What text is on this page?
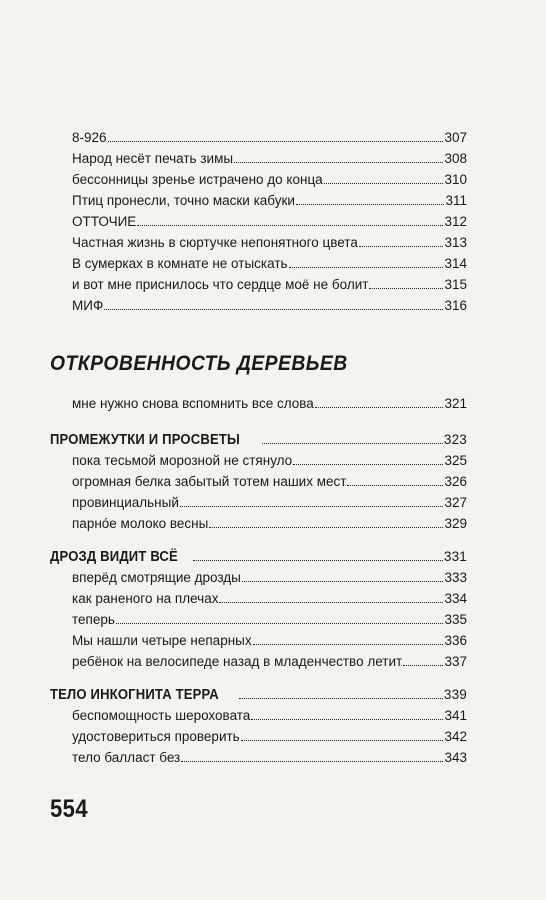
8-926	307
Народ несёт печать зимы	308
бессонницы зренье истрачено до конца	310
Птиц пронесли, точно маски кабуки	311
ОТТОЧИЕ	312
Частная жизнь в сюртучке непонятного цвета	313
В сумерках в комнате не отыскать	314
и вот мне приснилось что сердце моё не болит	315
МИФ	316
ОТКРОВЕННОСТЬ ДЕРЕВЬЕВ
мне нужно снова вспомнить все слова	321
ПРОМЕЖУТКИ И ПРОСВЕТЫ	323
пока тесьмой морозной не стянуло	325
огромная белка забытый тотем наших мест	326
провинциальный	327
парнóе молоко весны	329
ДРОЗД ВИДИТ ВСЁ	331
вперёд смотрящие дрозды	333
как раненого на плечах	334
теперь	335
Мы нашли четыре непарных	336
ребёнок на велосипеде назад в младенчество летит	337
ТЕЛО ИНКОГНИТА ТЕРРА	339
беспомощность шероховата	341
удостовериться проверить	342
тело балласт без	343
554
